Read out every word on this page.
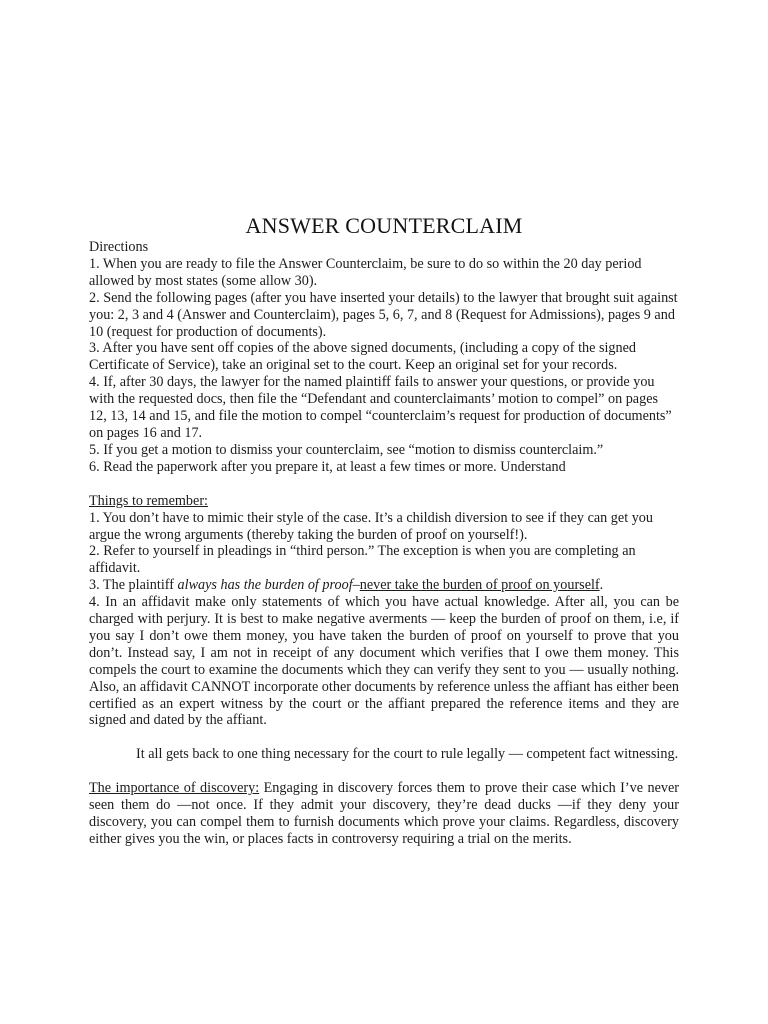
ANSWER COUNTERCLAIM

Directions

1. When you are ready to file the Answer Counterclaim, be sure to do so within the 20 day period allowed by most states (some allow 30).

2. Send the following pages (after you have inserted your details) to the lawyer that brought suit against you: 2, 3 and 4 (Answer and Counterclaim), pages 5, 6, 7, and 8 (Request for Admissions), pages 9 and 10 (request for production of documents).

3. After you have sent off copies of the above signed documents, (including a copy of the signed Certificate of Service), take an original set to the court. Keep an original set for your records.

4. If, after 30 days, the lawyer for the named plaintiff fails to answer your questions, or provide you with the requested docs, then file the “Defendant and counterclaimants’ motion to compel” on pages 12, 13, 14 and 15, and file the motion to compel “counterclaim’s request for production of documents” on pages 16 and 17.

5. If you get a motion to dismiss your counterclaim, see “motion to dismiss counterclaim.”

6. Read the paperwork after you prepare it, at least a few times or more. Understand

Things to remember:

1. You don’t have to mimic their style of the case. It’s a childish diversion to see if they can get you argue the wrong arguments (thereby taking the burden of proof on yourself!).

2. Refer to yourself in pleadings in “third person.” The exception is when you are completing an affidavit.

3. The plaintiff always has the burden of proof–never take the burden of proof on yourself.

4. In an affidavit make only statements of which you have actual knowledge. After all, you can be charged with perjury. It is best to make negative averments — keep the burden of proof on them, i.e, if you say I don’t owe them money, you have taken the burden of proof on yourself to prove that you don’t. Instead say, I am not in receipt of any document which verifies that I owe them money. This compels the court to examine the documents which they can verify they sent to you — usually nothing. Also, an affidavit CANNOT incorporate other documents by reference unless the affiant has either been certified as an expert witness by the court or the affiant prepared the reference items and they are signed and dated by the affiant.

It all gets back to one thing necessary for the court to rule legally — competent fact witnessing.

The importance of discovery: Engaging in discovery forces them to prove their case which I’ve never seen them do —not once. If they admit your discovery, they’re dead ducks —if they deny your discovery, you can compel them to furnish documents which prove your claims. Regardless, discovery either gives you the win, or places facts in controversy requiring a trial on the merits.
